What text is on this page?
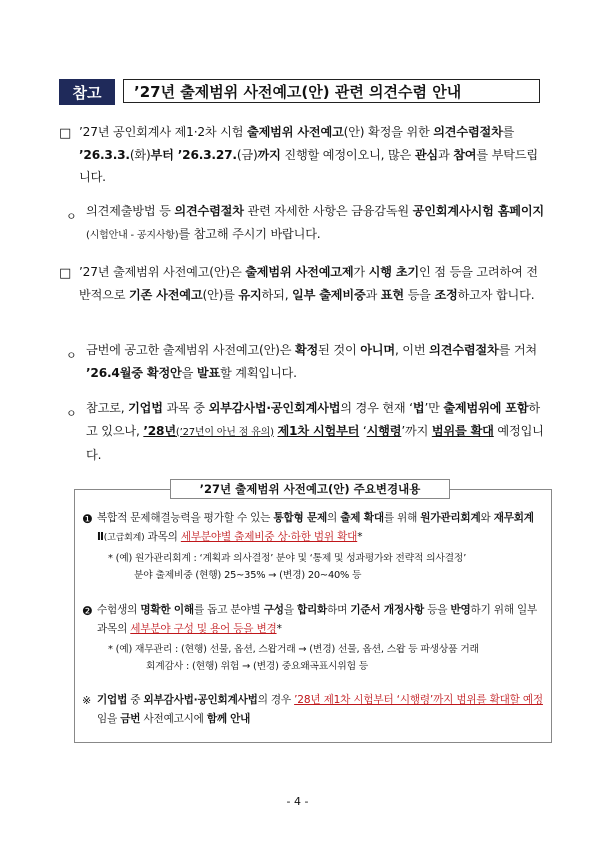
참고	’27년 출제범위 사전예고(안) 관련 의견수렴 안내
□ ’27년 공인회계사 제1·2차 시험 출제범위 사전예고(안) 확정을 위한 의견수렴절차를 ’26.3.3.(화)부터 ’26.3.27.(금)까지 진행할 예정이오니, 많은 관심과 참여를 부탁드립니다.
ㅇ 의견제출방법 등 의견수렴절차 관련 자세한 사항은 금융감독원 공인회계사시험 홈페이지(시험안내 - 공지사항)를 참고해 주시기 바랍니다.
□ ’27년 출제범위 사전예고(안)은 출제범위 사전예고제가 시행 초기인 점 등을 고려하여 전반적으로 기존 사전예고(안)를 유지하되, 일부 출제비중과 표현 등을 조정하고자 합니다.
ㅇ 금번에 공고한 출제범위 사전예고(안)은 확정된 것이 아니며, 이번 의견수렴절차를 거쳐 ’26.4월중 확정안을 발표할 계획입니다.
ㅇ 참고로, 기업법 과목 중 외부감사법·공인회계사법의 경우 현재 ‘법’만 출제범위에 포함하고 있으나, ’28년(’27년이 아닌 점 유의) 제1차 시험부터 ‘시행령’까지 범위를 확대 예정입니다.
’27년 출제범위 사전예고(안) 주요변경내용
❶ 복합적 문제해결능력을 평가할 수 있는 통합형 문제의 출제 확대를 위해 원가관리회계와 재무회계Ⅱ(고급회계) 과목의 세부분야별 출제비중 상·하한 범위 확대*
* (예) 원가관리회계 : ‘계획과 의사결정’ 분야 및 ‘통제 및 성과평가와 전략적 의사결정’
분야 출제비중 (현행) 25~35% → (변경) 20~40% 등
❷ 수험생의 명확한 이해를 돕고 분야별 구성을 합리화하며 기준서 개정사항 등을 반영하기 위해 일부과목의 세부분야 구성 및 용어 등을 변경*
* (예) 재무관리 : (현행) 선물, 옵션, 스왑거래 → (변경) 선물, 옵션, 스왑 등 파생상품 거래
회계감사 : (현행) 위험 → (변경) 중요왜곡표시위험 등
※ 기업법 중 외부감사법·공인회계사법의 경우 ’28년 제1차 시험부터 ‘시행령’까지 범위를 확대할 예정임을 금번 사전예고시에 함께 안내
- 4 -
